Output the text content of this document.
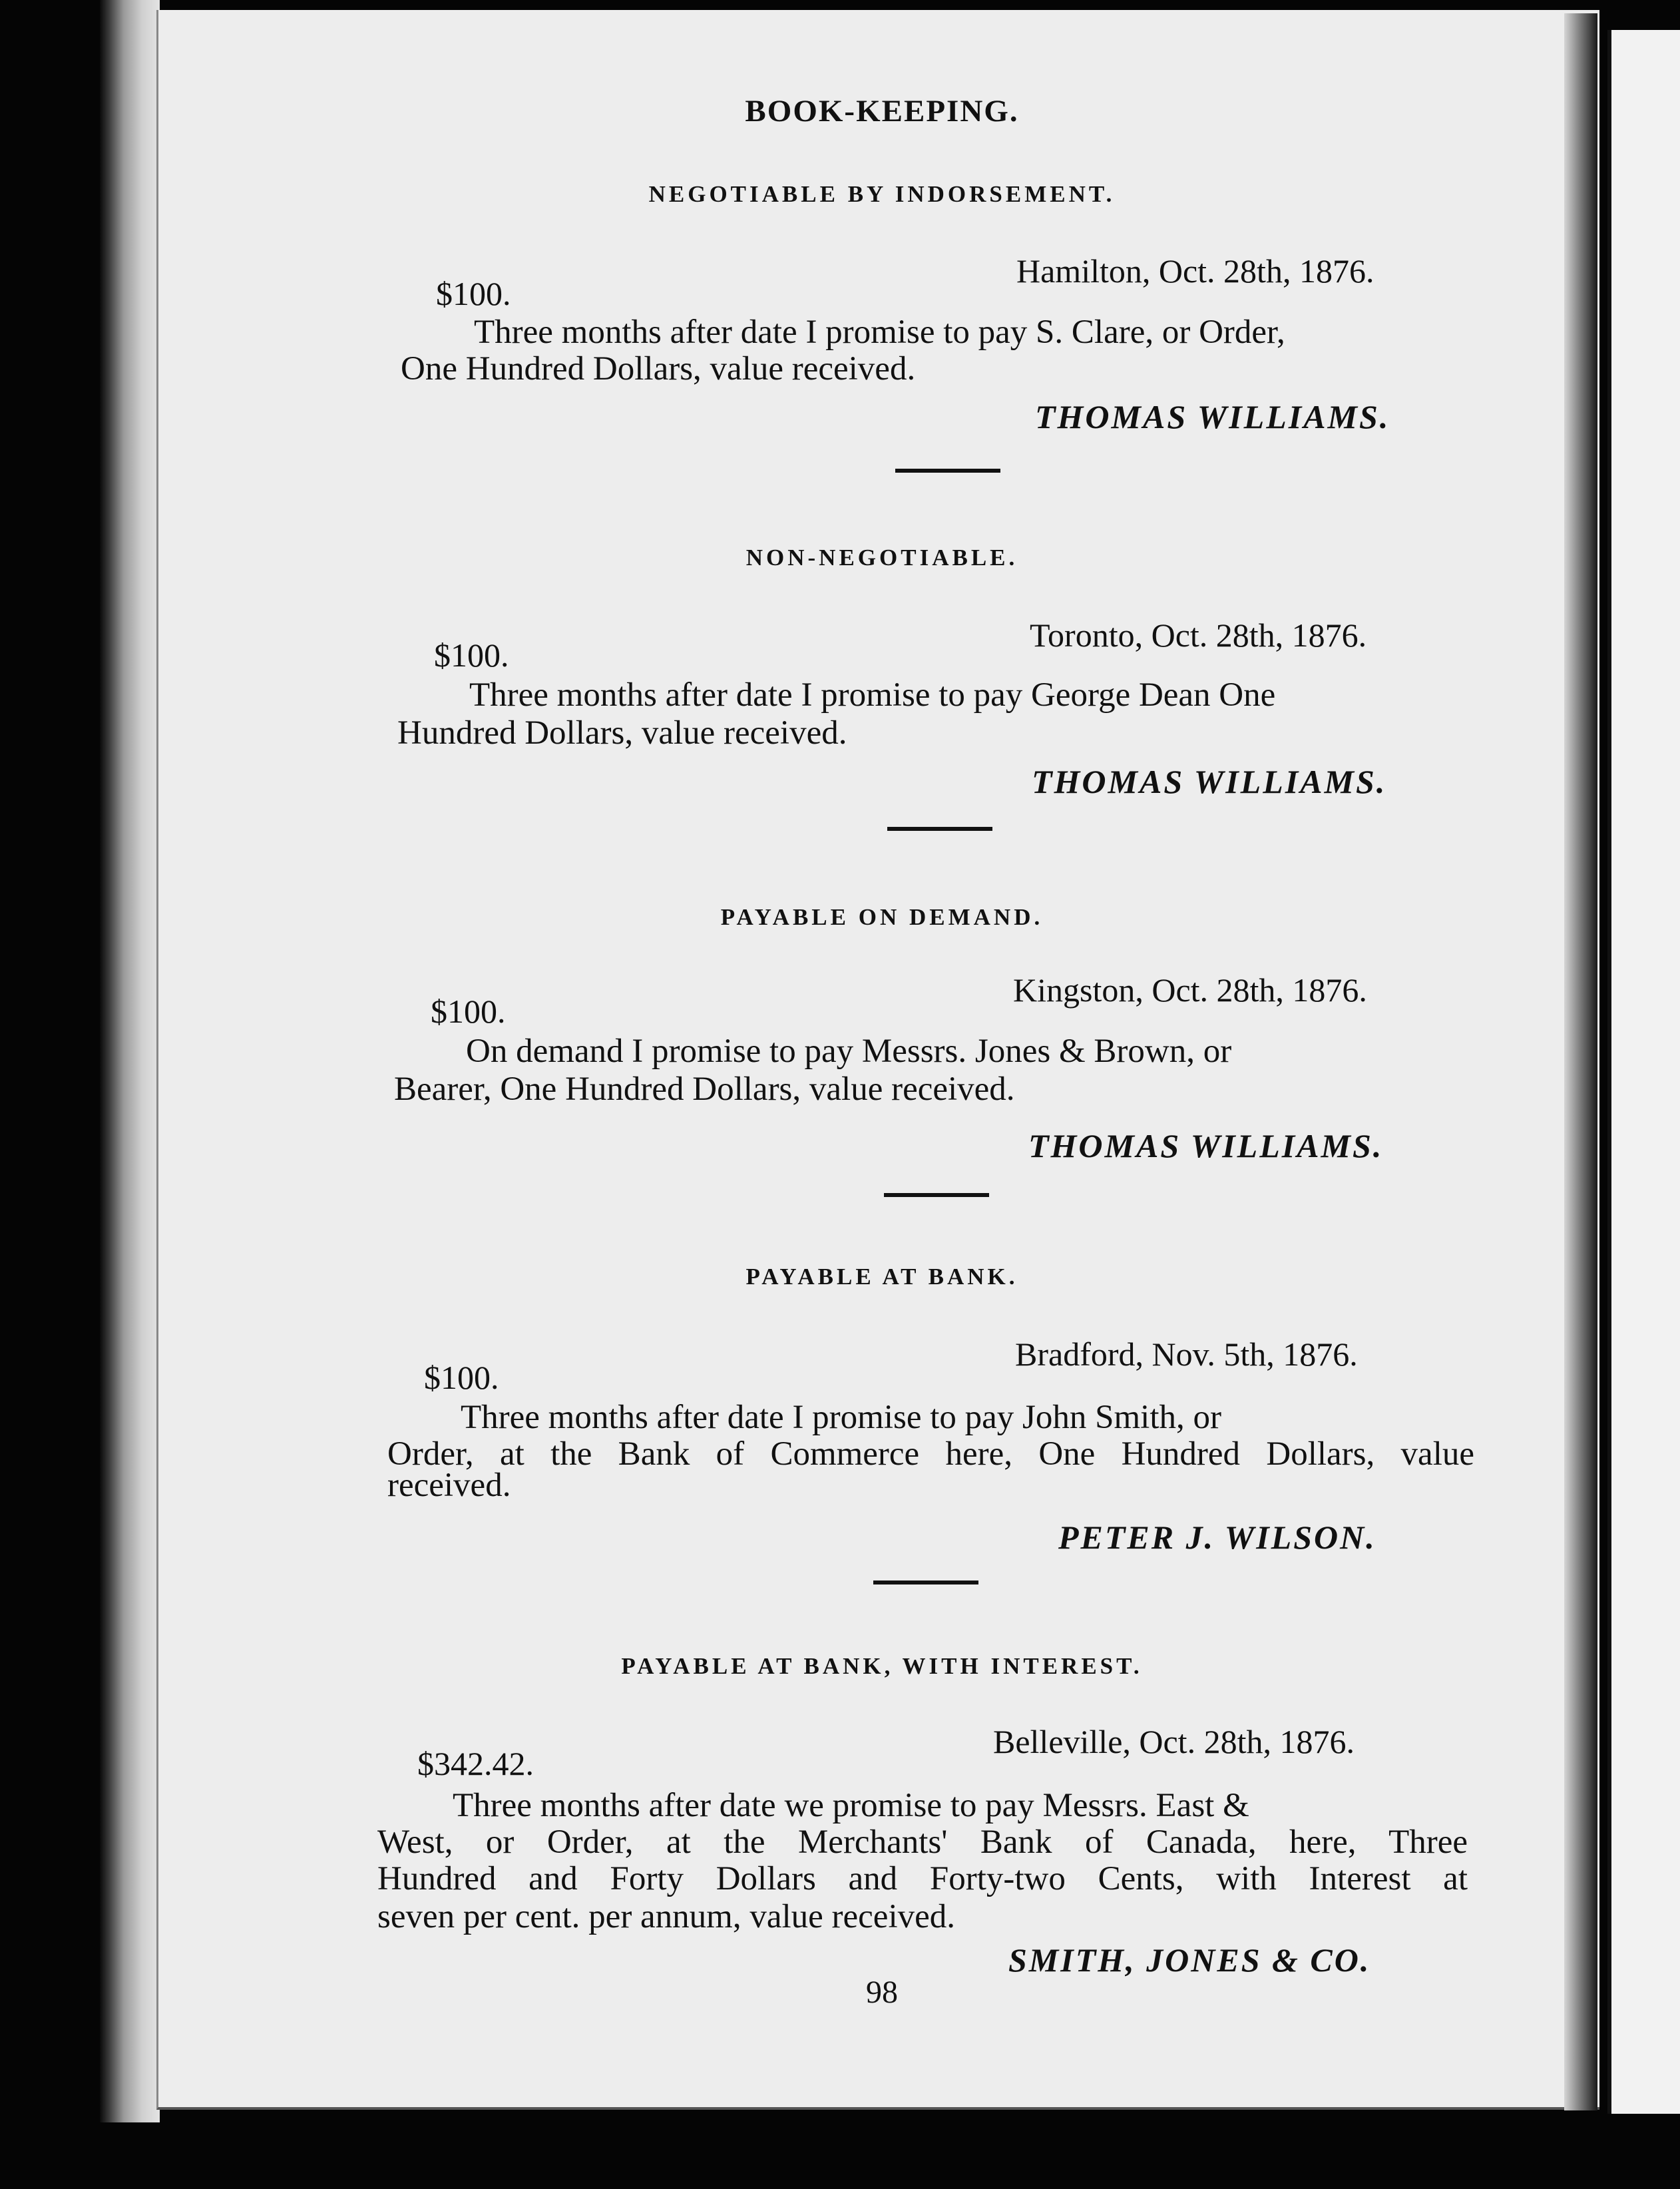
BOOK-KEEPING.

NEGOTIABLE BY INDORSEMENT.

Hamilton, Oct. 28th, 1876.

$100.

Three months after date I promise to pay S. Clare, or Order,

One Hundred Dollars, value received.

THOMAS WILLIAMS.

NON-NEGOTIABLE.

Toronto, Oct. 28th, 1876.

$100.

Three months after date I promise to pay George Dean One

Hundred Dollars, value received.

THOMAS WILLIAMS.

PAYABLE ON DEMAND.

Kingston, Oct. 28th, 1876.

$100.

On demand I promise to pay Messrs. Jones & Brown, or

Bearer, One Hundred Dollars, value received.

THOMAS WILLIAMS.

PAYABLE AT BANK.

Bradford, Nov. 5th, 1876.

$100.

Three months after date I promise to pay John Smith, or

Order, at the Bank of Commerce here, One Hundred Dollars, value

received.

PETER J. WILSON.

PAYABLE AT BANK, WITH INTEREST.

Belleville, Oct. 28th, 1876.

$342.42.

Three months after date we promise to pay Messrs. East &

West, or Order, at the Merchants' Bank of Canada, here, Three

Hundred and Forty Dollars and Forty-two Cents, with Interest at

seven per cent. per annum, value received.

SMITH, JONES & CO.

98
